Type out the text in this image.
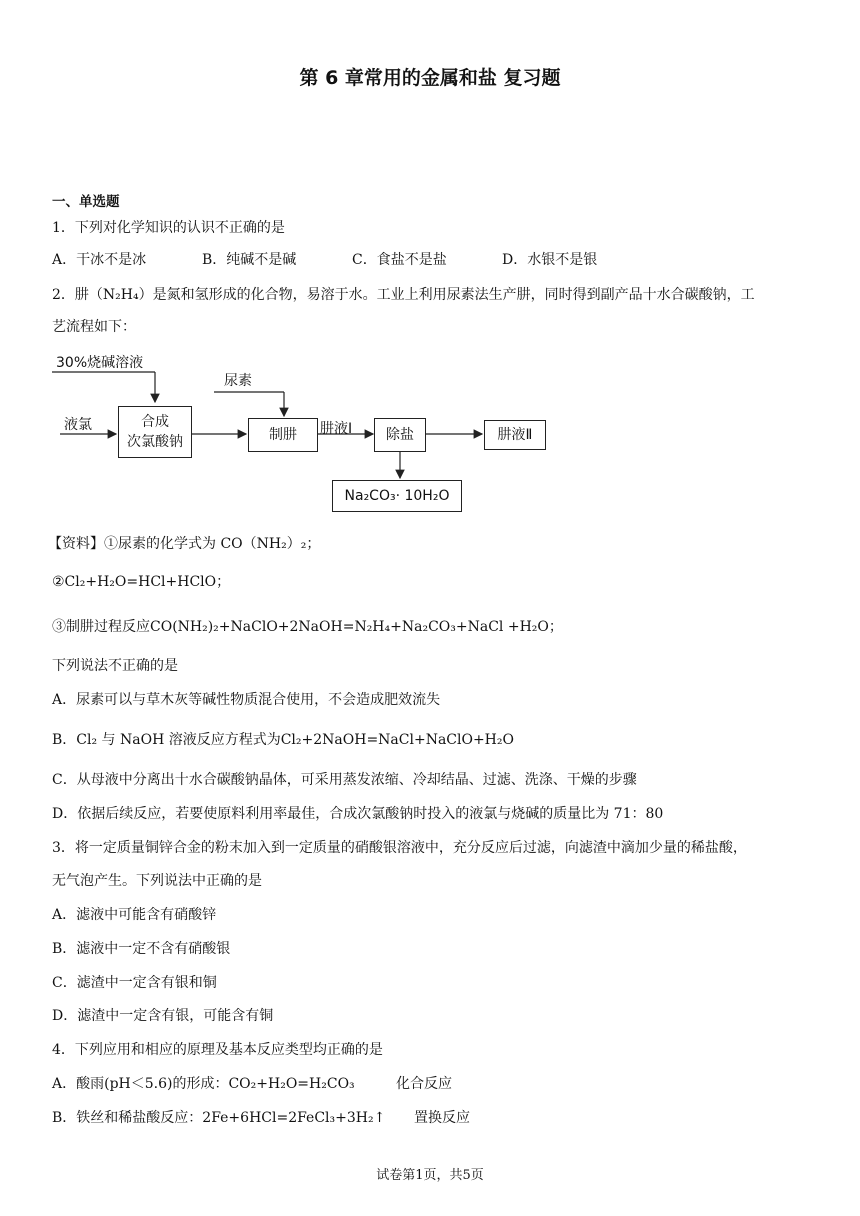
第 6 章常用的金属和盐 复习题
一、单选题
1．下列对化学知识的认识不正确的是
A．干冰不是冰	B．纯碱不是碱	C．食盐不是盐	D．水银不是银
2．肼（N₂H₄）是氮和氢形成的化合物，易溶于水。工业上利用尿素法生产肼，同时得到副产品十水合碳酸钠，工
艺流程如下：
30%烧碱溶液
尿素
液氯	合成
次氯酸钠	制肼	肼液Ⅰ	除盐	肼液Ⅱ
Na₂CO₃· 10H₂O
【资料】①尿素的化学式为 CO（NH₂）₂；
②Cl₂+H₂O=HCl+HClO；
③制肼过程反应CO(NH₂)₂+NaClO+2NaOH=N₂H₄+Na₂CO₃+NaCl +H₂O；
下列说法不正确的是
A．尿素可以与草木灰等碱性物质混合使用，不会造成肥效流失
B．Cl₂ 与 NaOH 溶液反应方程式为Cl₂+2NaOH=NaCl+NaClO+H₂O
C．从母液中分离出十水合碳酸钠晶体，可采用蒸发浓缩、冷却结晶、过滤、洗涤、干燥的步骤
D．依据后续反应，若要使原料利用率最佳，合成次氯酸钠时投入的液氯与烧碱的质量比为 71：80
3．将一定质量铜锌合金的粉末加入到一定质量的硝酸银溶液中，充分反应后过滤，向滤渣中滴加少量的稀盐酸，
无气泡产生。下列说法中正确的是
A．滤液中可能含有硝酸锌
B．滤液中一定不含有硝酸银
C．滤渣中一定含有银和铜
D．滤渣中一定含有银，可能含有铜
4．下列应用和相应的原理及基本反应类型均正确的是
A．酸雨(pH＜5.6)的形成：CO₂+H₂O=H₂CO₃	化合反应
B．铁丝和稀盐酸反应：2Fe+6HCl=2FeCl₃+3H₂↑ 置换反应
试卷第1页，共5页
